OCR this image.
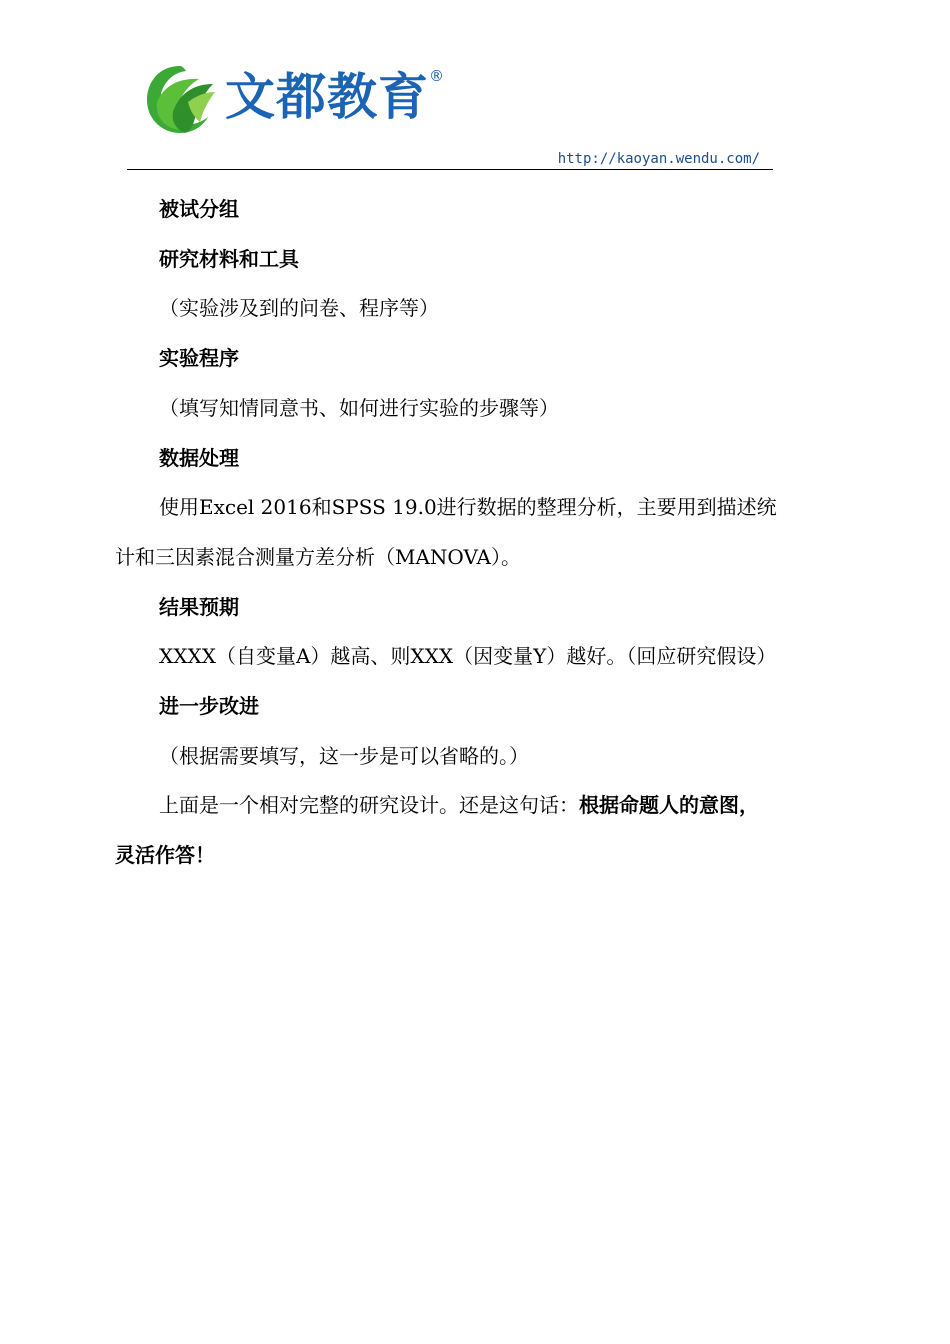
文都教育 ®
http://kaoyan.wendu.com/

被试分组

研究材料和工具

（实验涉及到的问卷、程序等）

实验程序

（填写知情同意书、如何进行实验的步骤等）

数据处理

使用Excel 2016和SPSS 19.0进行数据的整理分析，主要用到描述统

计和三因素混合测量方差分析（MANOVA）。

结果预期

XXXX（自变量A）越高、则XXX（因变量Y）越好。（回应研究假设）

进一步改进

（根据需要填写，这一步是可以省略的。）

上面是一个相对完整的研究设计。还是这句话：根据命题人的意图，

灵活作答！
